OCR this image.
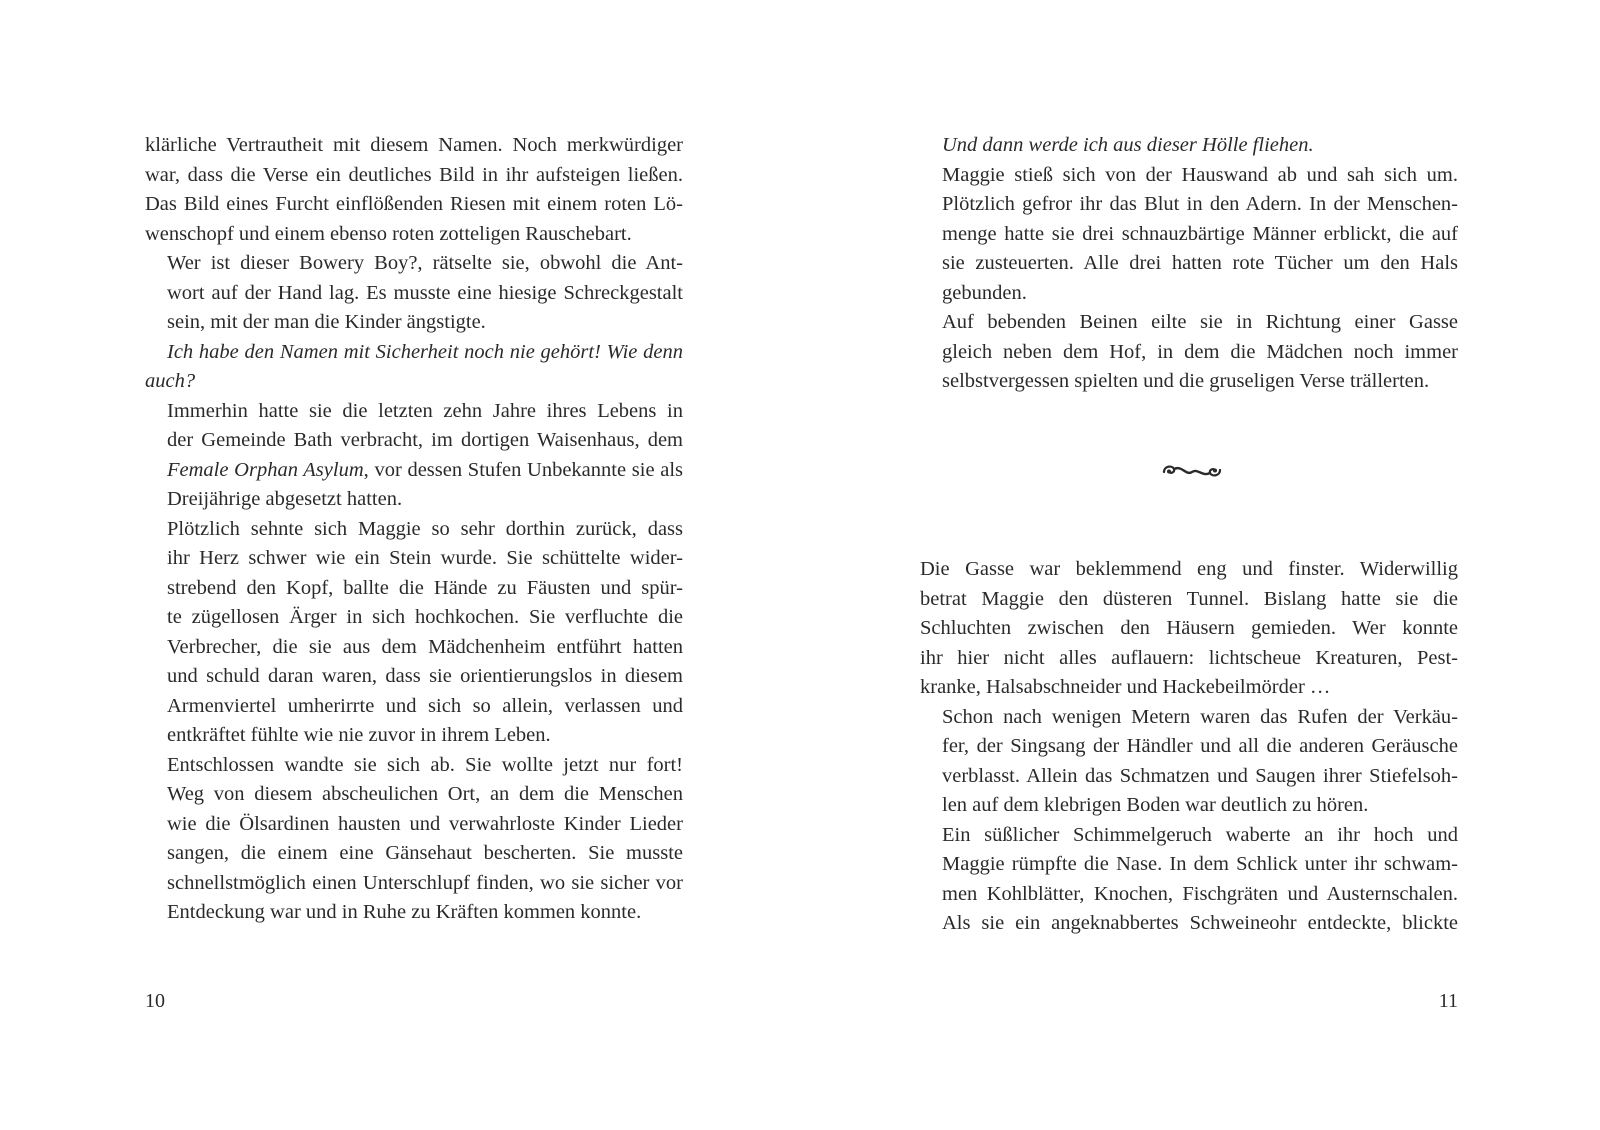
klärliche Vertrautheit mit diesem Namen. Noch merkwürdiger
war, dass die Verse ein deutliches Bild in ihr aufsteigen ließen.
Das Bild eines Furcht einflößenden Riesen mit einem roten Lö-
wenschopf und einem ebenso roten zotteligen Rauschebart.

Wer ist dieser Bowery Boy?, rätselte sie, obwohl die Ant-
wort auf der Hand lag. Es musste eine hiesige Schreckgestalt
sein, mit der man die Kinder ängstigte.

Ich habe den Namen mit Sicherheit noch nie gehört! Wie denn
auch?

Immerhin hatte sie die letzten zehn Jahre ihres Lebens in
der Gemeinde Bath verbracht, im dortigen Waisenhaus, dem
Female Orphan Asylum, vor dessen Stufen Unbekannte sie als
Dreijährige abgesetzt hatten.

Plötzlich sehnte sich Maggie so sehr dorthin zurück, dass
ihr Herz schwer wie ein Stein wurde. Sie schüttelte wider-
strebend den Kopf, ballte die Hände zu Fäusten und spür-
te zügellosen Ärger in sich hochkochen. Sie verfluchte die
Verbrecher, die sie aus dem Mädchenheim entführt hatten
und schuld daran waren, dass sie orientierungslos in diesem
Armenviertel umherirrte und sich so allein, verlassen und
entkräftet fühlte wie nie zuvor in ihrem Leben.

Entschlossen wandte sie sich ab. Sie wollte jetzt nur fort!
Weg von diesem abscheulichen Ort, an dem die Menschen
wie die Ölsardinen hausten und verwahrloste Kinder Lieder
sangen, die einem eine Gänsehaut bescherten. Sie musste
schnellstmöglich einen Unterschlupf finden, wo sie sicher vor
Entdeckung war und in Ruhe zu Kräften kommen konnte.

10

Und dann werde ich aus dieser Hölle fliehen.

Maggie stieß sich von der Hauswand ab und sah sich um.
Plötzlich gefror ihr das Blut in den Adern. In der Menschen-
menge hatte sie drei schnauzbärtige Männer erblickt, die auf
sie zusteuerten. Alle drei hatten rote Tücher um den Hals
gebunden.

Auf bebenden Beinen eilte sie in Richtung einer Gasse
gleich neben dem Hof, in dem die Mädchen noch immer
selbstvergessen spielten und die gruseligen Verse trällerten.

Die Gasse war beklemmend eng und finster. Widerwillig
betrat Maggie den düsteren Tunnel. Bislang hatte sie die
Schluchten zwischen den Häusern gemieden. Wer konnte
ihr hier nicht alles auflauern: lichtscheue Kreaturen, Pest-
kranke, Halsabschneider und Hackebeilmörder …

Schon nach wenigen Metern waren das Rufen der Verkäu-
fer, der Singsang der Händler und all die anderen Geräusche
verblasst. Allein das Schmatzen und Saugen ihrer Stiefelsoh-
len auf dem klebrigen Boden war deutlich zu hören.

Ein süßlicher Schimmelgeruch waberte an ihr hoch und
Maggie rümpfte die Nase. In dem Schlick unter ihr schwam-
men Kohlblätter, Knochen, Fischgräten und Austernschalen.
Als sie ein angeknabbertes Schweineohr entdeckte, blickte

11
